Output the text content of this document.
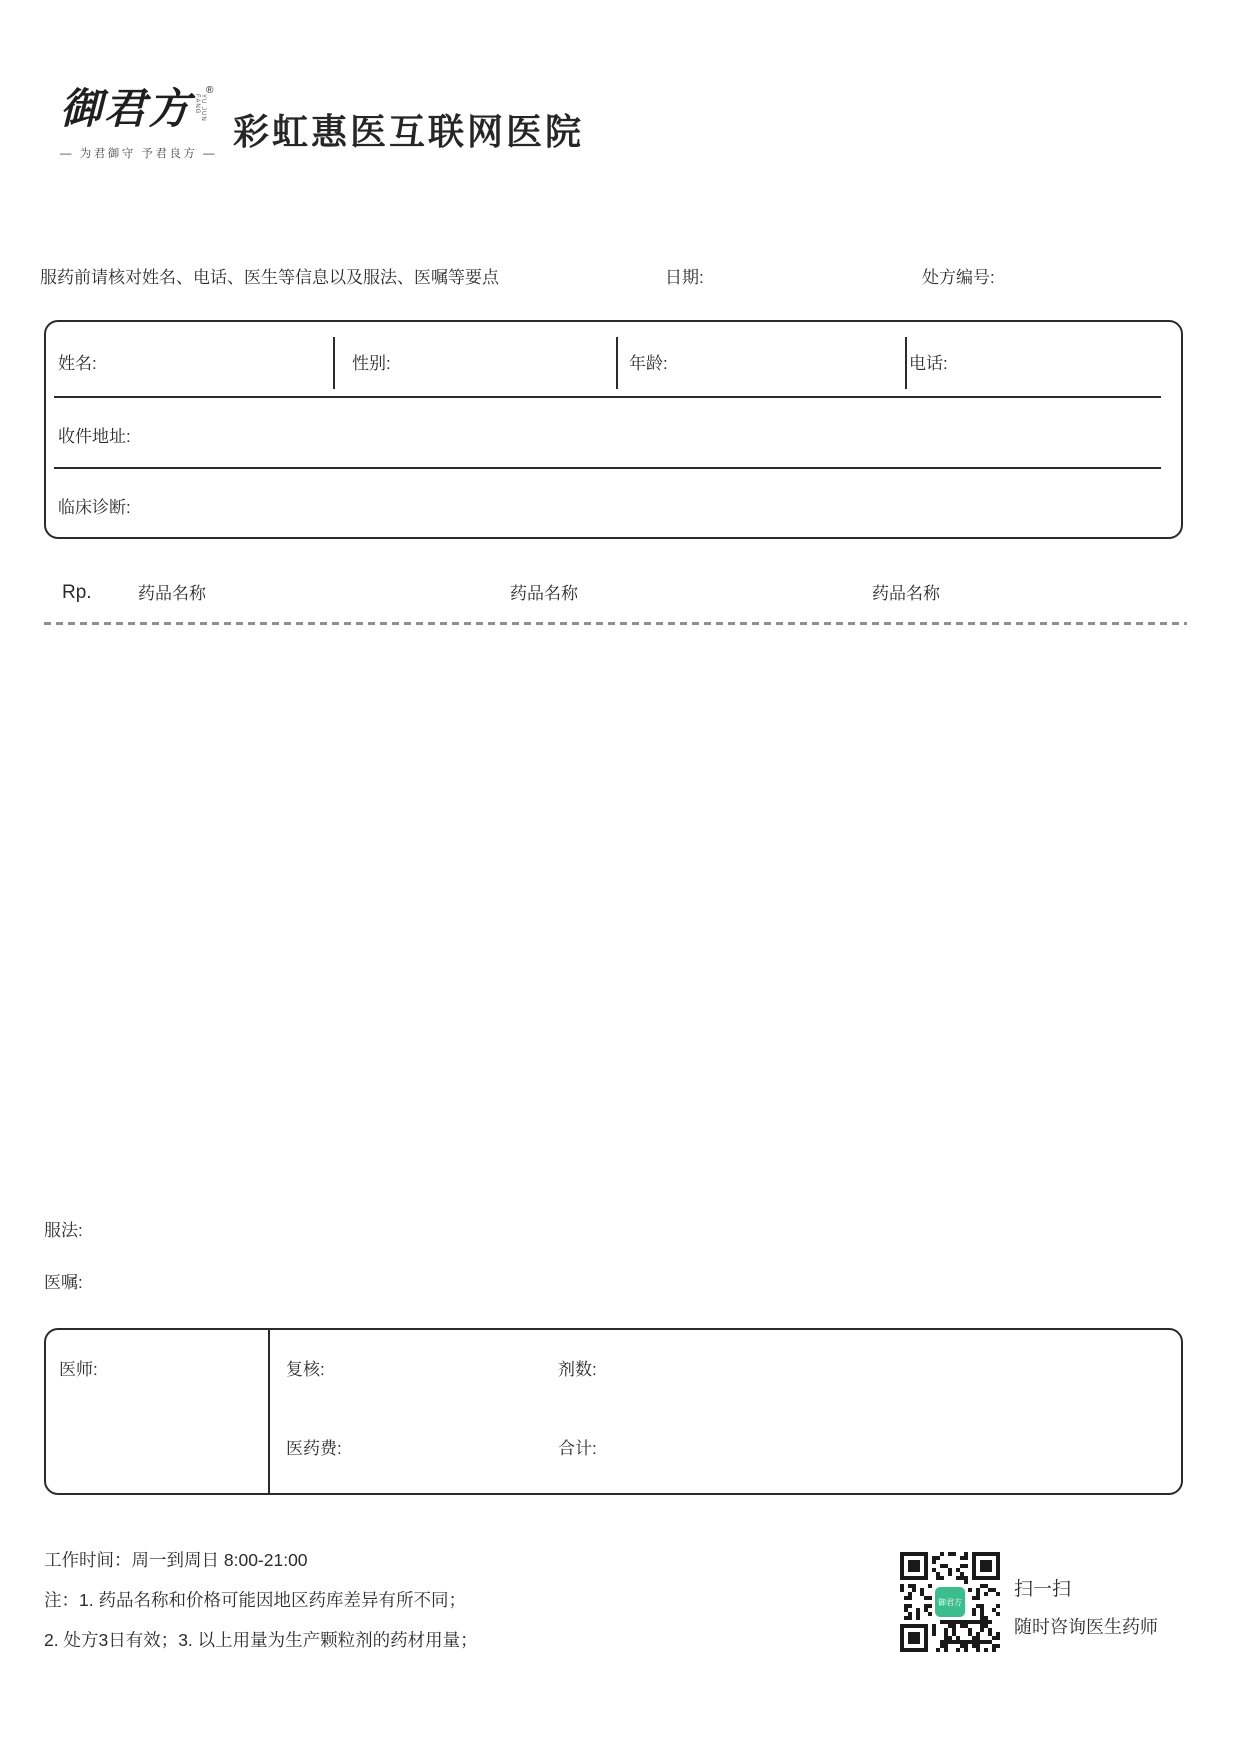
御君方	YU JUN FANG
®
— 为君御守 予君良方 —
彩虹惠医互联网医院
服药前请核对姓名、电话、医生等信息以及服法、医嘱等要点	日期:	处方编号:
姓名:	性别:	年龄:	电话:
收件地址:
临床诊断:
Rp.	药品名称	药品名称	药品名称
服法:
医嘱:
医师:	复核:	剂数:
医药费:	合计:
工作时间：周一到周日 8:00-21:00
注：1. 药品名称和价格可能因地区药库差异有所不同；
2. 处方3日有效；3. 以上用量为生产颗粒剂的药材用量；
御君方
扫一扫
随时咨询医生药师
